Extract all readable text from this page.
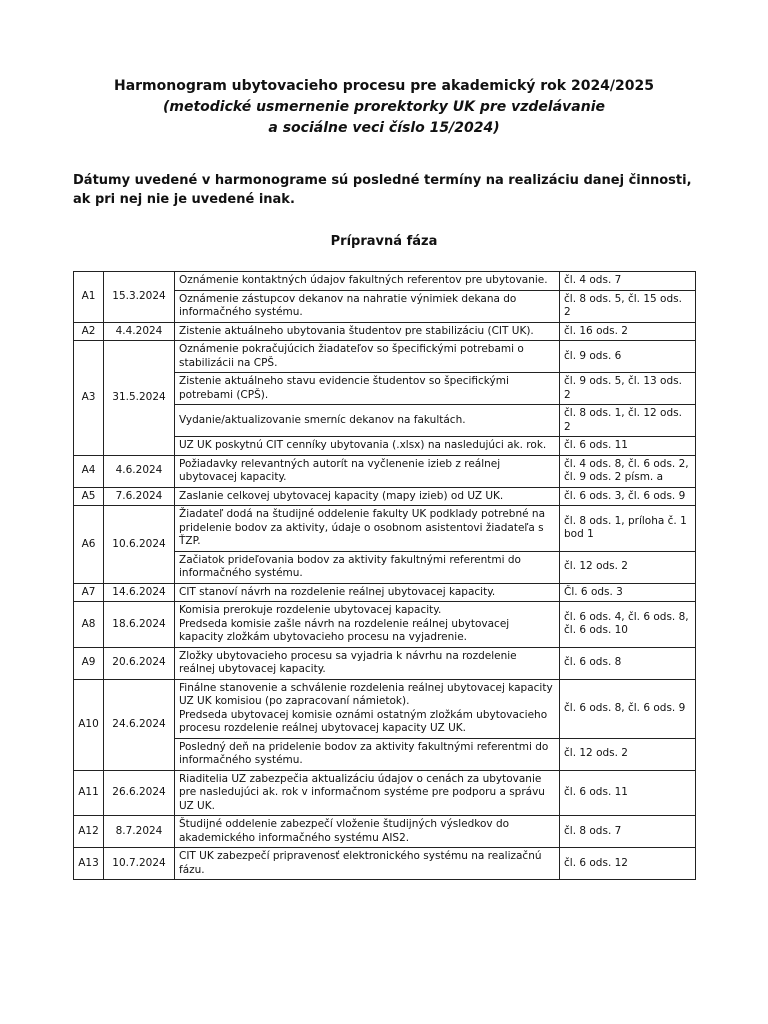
Harmonogram ubytovacieho procesu pre akademický rok 2024/2025

(metodické usmernenie prorektorky UK pre vzdelávanie

a sociálne veci číslo 15/2024)

Dátumy uvedené v harmonograme sú posledné termíny na realizáciu danej činnosti, ak pri nej nie je uvedené inak.

Prípravná fáza

A1	15.3.2024	Oznámenie kontaktných údajov fakultných referentov pre ubytovanie.	čl. 4 ods. 7
		Oznámenie zástupcov dekanov na nahratie výnimiek dekana do informačného systému.	čl. 8 ods. 5, čl. 15 ods. 2
A2	4.4.2024	Zistenie aktuálneho ubytovania študentov pre stabilizáciu (CIT UK).	čl. 16 ods. 2
A3	31.5.2024	Oznámenie pokračujúcich žiadateľov so špecifickými potrebami o stabilizácii na CPŠ.	čl. 9 ods. 6
		Zistenie aktuálneho stavu evidencie študentov so špecifickými potrebami (CPŠ).	čl. 9 ods. 5, čl. 13 ods. 2
		Vydanie/aktualizovanie smerníc dekanov na fakultách.	čl. 8 ods. 1, čl. 12 ods. 2
		UZ UK poskytnú CIT cenníky ubytovania (.xlsx) na nasledujúci ak. rok.	čl. 6 ods. 11
A4	4.6.2024	Požiadavky relevantných autorít na vyčlenenie izieb z reálnej ubytovacej kapacity.	čl. 4 ods. 8, čl. 6 ods. 2, čl. 9 ods. 2 písm. a
A5	7.6.2024	Zaslanie celkovej ubytovacej kapacity (mapy izieb) od UZ UK.	čl. 6 ods. 3, čl. 6 ods. 9
A6	10.6.2024	Žiadateľ dodá na študijné oddelenie fakulty UK podklady potrebné na pridelenie bodov za aktivity, údaje o osobnom asistentovi žiadateľa s ŤZP.	čl. 8 ods. 1, príloha č. 1 bod 1
		Začiatok prideľovania bodov za aktivity fakultnými referentmi do informačného systému.	čl. 12 ods. 2
A7	14.6.2024	CIT stanoví návrh na rozdelenie reálnej ubytovacej kapacity.	Čl. 6 ods. 3
A8	18.6.2024	Komisia prerokuje rozdelenie ubytovacej kapacity.
Predseda komisie zašle návrh na rozdelenie reálnej ubytovacej kapacity zložkám ubytovacieho procesu na vyjadrenie.	čl. 6 ods. 4, čl. 6 ods. 8, čl. 6 ods. 10
A9	20.6.2024	Zložky ubytovacieho procesu sa vyjadria k návrhu na rozdelenie reálnej ubytovacej kapacity.	čl. 6 ods. 8
A10	24.6.2024	Finálne stanovenie a schválenie rozdelenia reálnej ubytovacej kapacity UZ UK komisiou (po zapracovaní námietok).
Predseda ubytovacej komisie oznámi ostatným zložkám ubytovacieho procesu rozdelenie reálnej ubytovacej kapacity UZ UK.	čl. 6 ods. 8, čl. 6 ods. 9
		Posledný deň na pridelenie bodov za aktivity fakultnými referentmi do informačného systému.	čl. 12 ods. 2
A11	26.6.2024	Riaditelia UZ zabezpečia aktualizáciu údajov o cenách za ubytovanie pre nasledujúci ak. rok v informačnom systéme pre podporu a správu UZ UK.	čl. 6 ods. 11
A12	8.7.2024	Študijné oddelenie zabezpečí vloženie študijných výsledkov do akademického informačného systému AIS2.	čl. 8 ods. 7
A13	10.7.2024	CIT UK zabezpečí pripravenosť elektronického systému na realizačnú fázu.	čl. 6 ods. 12
